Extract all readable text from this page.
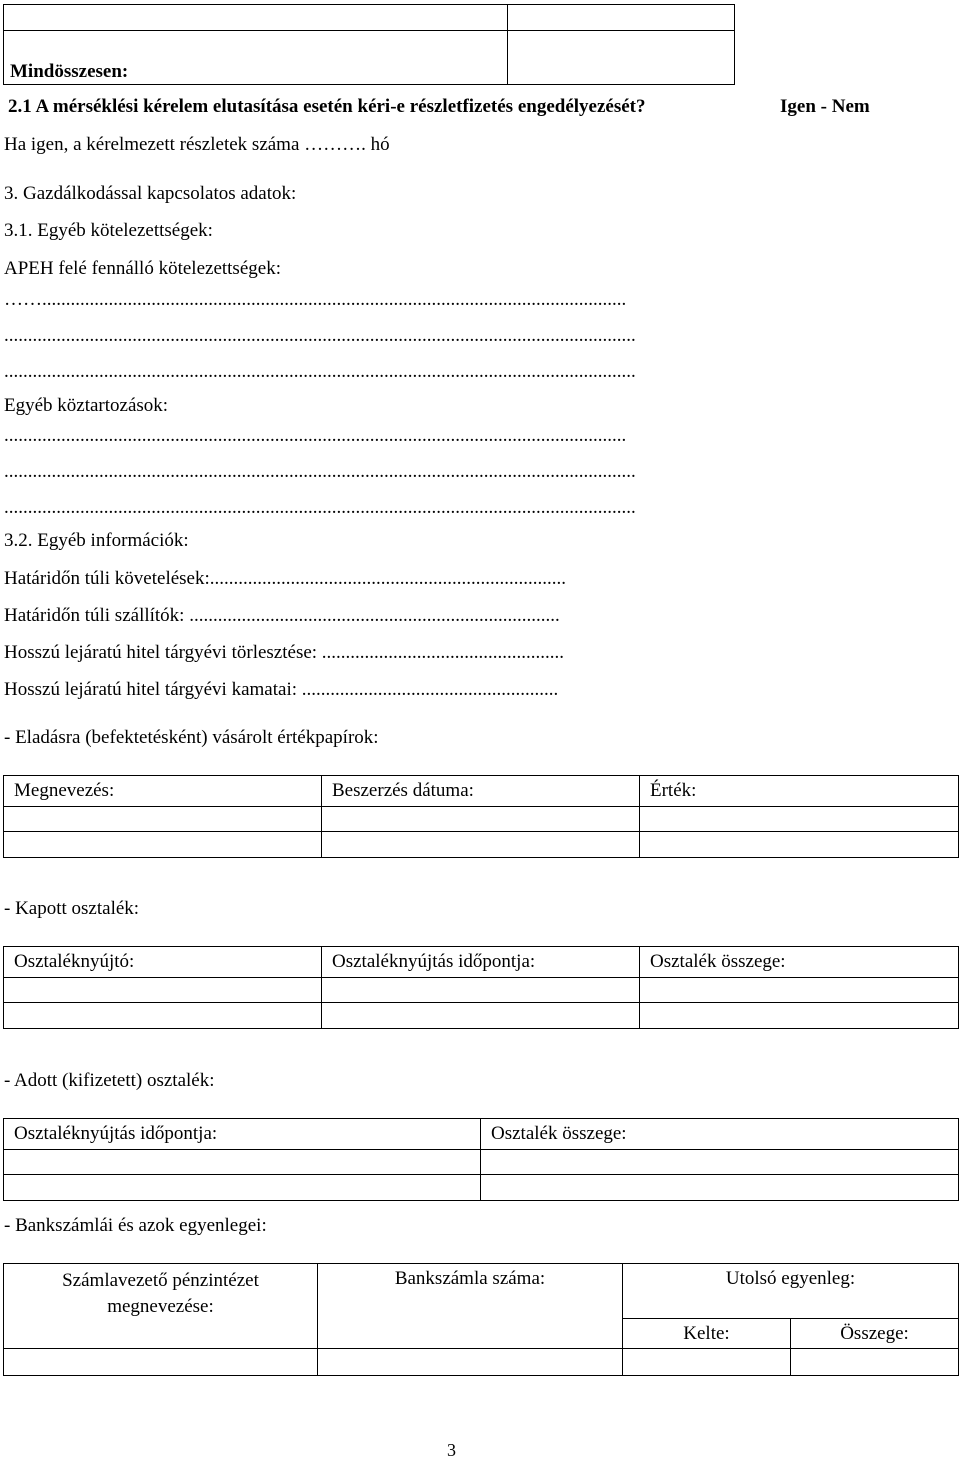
Mindösszesen:	
2.1 A mérséklési kérelem elutasítása esetén kéri-e részletfizetés engedélyezését?	Igen - Nem
Ha igen, a kérelmezett részletek száma ………. hó
3. Gazdálkodással kapcsolatos adatok:
3.1. Egyéb kötelezettségek:
APEH felé fennálló kötelezettségek:
……...........................................................................................................................
.....................................................................................................................................
.....................................................................................................................................
Egyéb köztartozások:
...................................................................................................................................
.....................................................................................................................................
.....................................................................................................................................
3.2. Egyéb információk:
Határidőn túli követelések:...........................................................................
Határidőn túli szállítók: ..............................................................................
Hosszú lejáratú hitel tárgyévi törlesztése: ...................................................
Hosszú lejáratú hitel tárgyévi kamatai: ......................................................
- Eladásra (befektetésként) vásárolt értékpapírok:
Megnevezés:	Beszerzés dátuma:	Érték:

- Kapott osztalék:
Osztaléknyújtó:	Osztaléknyújtás időpontja:	Osztalék összege:

- Adott (kifizetett) osztalék:
Osztaléknyújtás időpontja:	Osztalék összege:

- Bankszámlái és azok egyenlegei:
Számlavezető pénzintézet megnevezése:	Bankszámla száma:	Utolsó egyenleg:	
		Kelte:	Összege:

3
